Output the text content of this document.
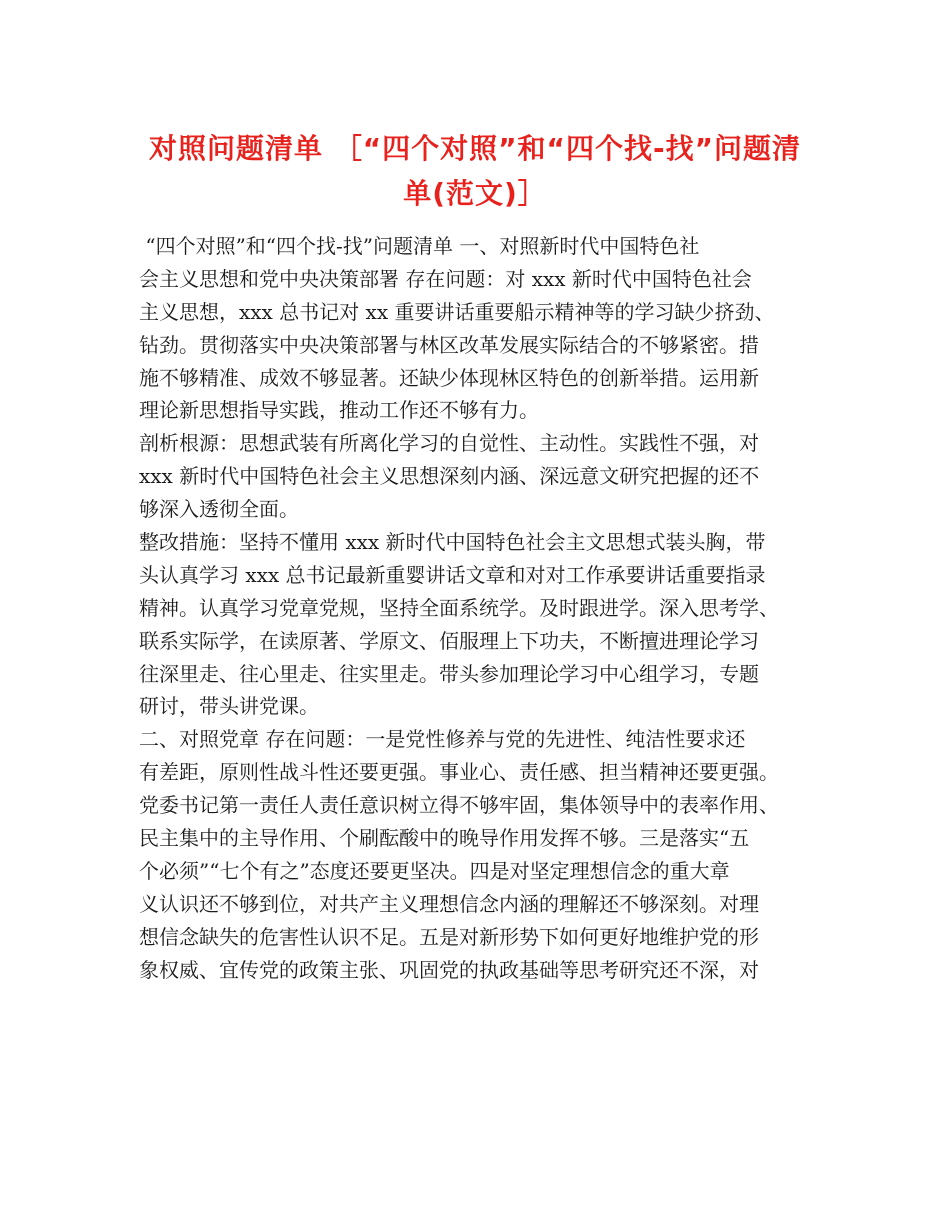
对照问题清单 ［“四个对照”和“四个找-找”问题清
单(范文)］
“四个对照”和“四个找-找”问题清单 一、对照新时代中国特色社
会主义思想和党中央决策部署 存在问题：对 xxx 新时代中国特色社会
主义思想，xxx 总书记对 xx 重要讲话重要船示精神等的学习缺少挤劲、
钻劲。贯彻落实中央决策部署与林区改革发展实际结合的不够紧密。措
施不够精准、成效不够显著。还缺少体现林区特色的创新举措。运用新
理论新思想指导实践，推动工作还不够有力。
剖析根源：思想武装有所离化学习的自觉性、主动性。实践性不强，对
xxx 新时代中国特色社会主义思想深刻内涵、深远意文研究把握的还不
够深入透彻全面。
整改措施：坚持不懂用 xxx 新时代中国特色社会主文思想式装头胸，带
头认真学习 xxx 总书记最新重婴讲话文章和对对工作承要讲话重要指录
精神。认真学习党章党规，坚持全面系统学。及时跟进学。深入思考学、
联系实际学，在读原著、学原文、佰服理上下功夫，不断擅进理论学习
往深里走、往心里走、往实里走。带头参加理论学习中心组学习，专题
研讨，带头讲党课。
二、对照党章 存在问题：一是党性修养与党的先进性、纯洁性要求还
有差距，原则性战斗性还要更强。事业心、责任感、担当精神还要更强。
党委书记第一责任人责任意识树立得不够牢固，集体领导中的表率作用、
民主集中的主导作用、个刷酝酸中的晚导作用发挥不够。三是落实“五
个必须”“七个有之”态度还要更坚决。四是对坚定理想信念的重大章
义认识还不够到位，对共产主义理想信念内涵的理解还不够深刻。对理
想信念缺失的危害性认识不足。五是对新形势下如何更好地维护党的形
象权威、宜传党的政策主张、巩固党的执政基础等思考研究还不深，对
